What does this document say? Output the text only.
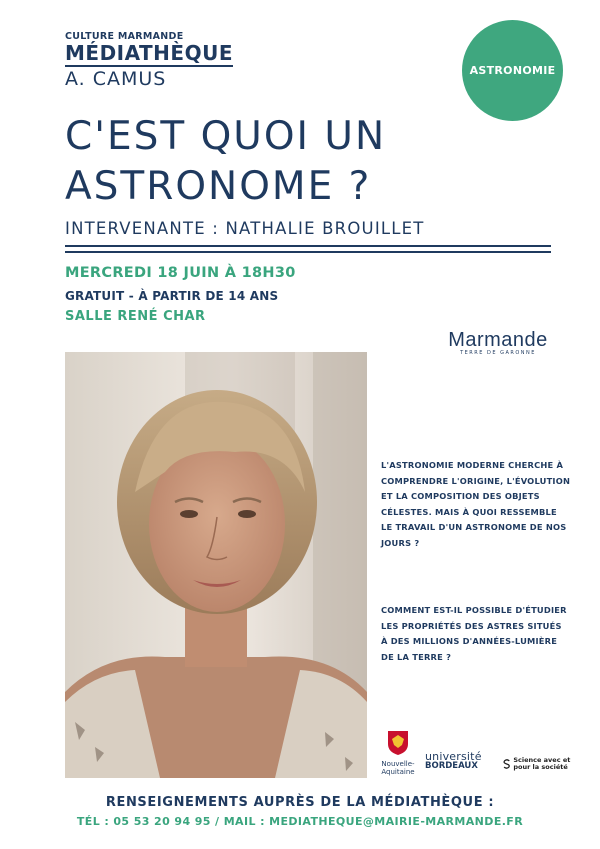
CULTURE MARMANDE
MÉDIATHÈQUE
A. CAMUS	ASTRONOMIE
C'EST QUOI UN
ASTRONOME ?
INTERVENANTE : NATHALIE BROUILLET
MERCREDI 18 JUIN À 18H30
GRATUIT - À PARTIR DE 14 ANS
SALLE RENÉ CHAR
Marmande
TERRE DE GARONNE
L'ASTRONOMIE MODERNE CHERCHE À COMPRENDRE L'ORIGINE, L'ÉVOLUTION ET LA COMPOSITION DES OBJETS CÉLESTES. MAIS À QUOI RESSEMBLE LE TRAVAIL D'UN ASTRONOME DE NOS JOURS ?
COMMENT EST-IL POSSIBLE D'ÉTUDIER LES PROPRIÉTÉS DES ASTRES SITUÉS À DES MILLIONS D'ANNÉES-LUMIÈRE DE LA TERRE ?
Nouvelle-Aquitaine
université
BORDEAUX
Science avec et pour la société
RENSEIGNEMENTS AUPRÈS DE LA MÉDIATHÈQUE :
TÉL : 05 53 20 94 95 / MAIL : MEDIATHEQUE@MAIRIE-MARMANDE.FR
